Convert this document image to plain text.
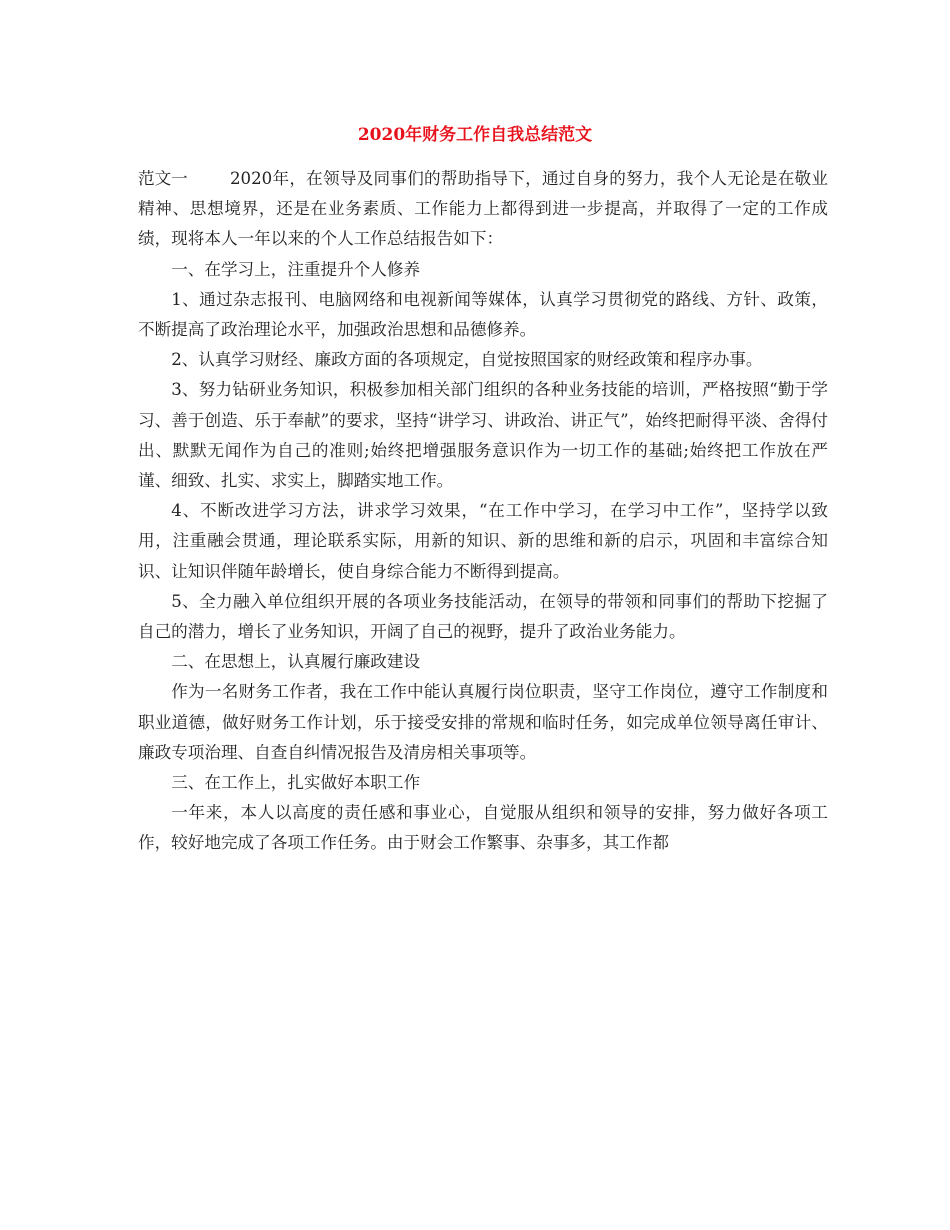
2020年财务工作自我总结范文

范文一	2020年，在领导及同事们的帮助指导下，通过自身的努力，我个人无论是在敬业精神、思想境界，还是在业务素质、工作能力上都得到进一步提高，并取得了一定的工作成绩，现将本人一年以来的个人工作总结报告如下：

一、在学习上，注重提升个人修养

1、通过杂志报刊、电脑网络和电视新闻等媒体，认真学习贯彻党的路线、方针、政策，不断提高了政治理论水平，加强政治思想和品德修养。

2、认真学习财经、廉政方面的各项规定，自觉按照国家的财经政策和程序办事。

3、努力钻研业务知识，积极参加相关部门组织的各种业务技能的培训，严格按照“勤于学习、善于创造、乐于奉献”的要求，坚持“讲学习、讲政治、讲正气”，始终把耐得平淡、舍得付出、默默无闻作为自己的准则;始终把增强服务意识作为一切工作的基础;始终把工作放在严谨、细致、扎实、求实上，脚踏实地工作。

4、不断改进学习方法，讲求学习效果，“在工作中学习，在学习中工作”，坚持学以致用，注重融会贯通，理论联系实际，用新的知识、新的思维和新的启示，巩固和丰富综合知识、让知识伴随年龄增长，使自身综合能力不断得到提高。

5、全力融入单位组织开展的各项业务技能活动，在领导的带领和同事们的帮助下挖掘了自己的潜力，增长了业务知识，开阔了自己的视野，提升了政治业务能力。

二、在思想上，认真履行廉政建设

作为一名财务工作者，我在工作中能认真履行岗位职责，坚守工作岗位，遵守工作制度和职业道德，做好财务工作计划，乐于接受安排的常规和临时任务，如完成单位领导离任审计、廉政专项治理、自查自纠情况报告及清房相关事项等。

三、在工作上，扎实做好本职工作

一年来，本人以高度的责任感和事业心，自觉服从组织和领导的安排，努力做好各项工作，较好地完成了各项工作任务。由于财会工作繁事、杂事多，其工作都
